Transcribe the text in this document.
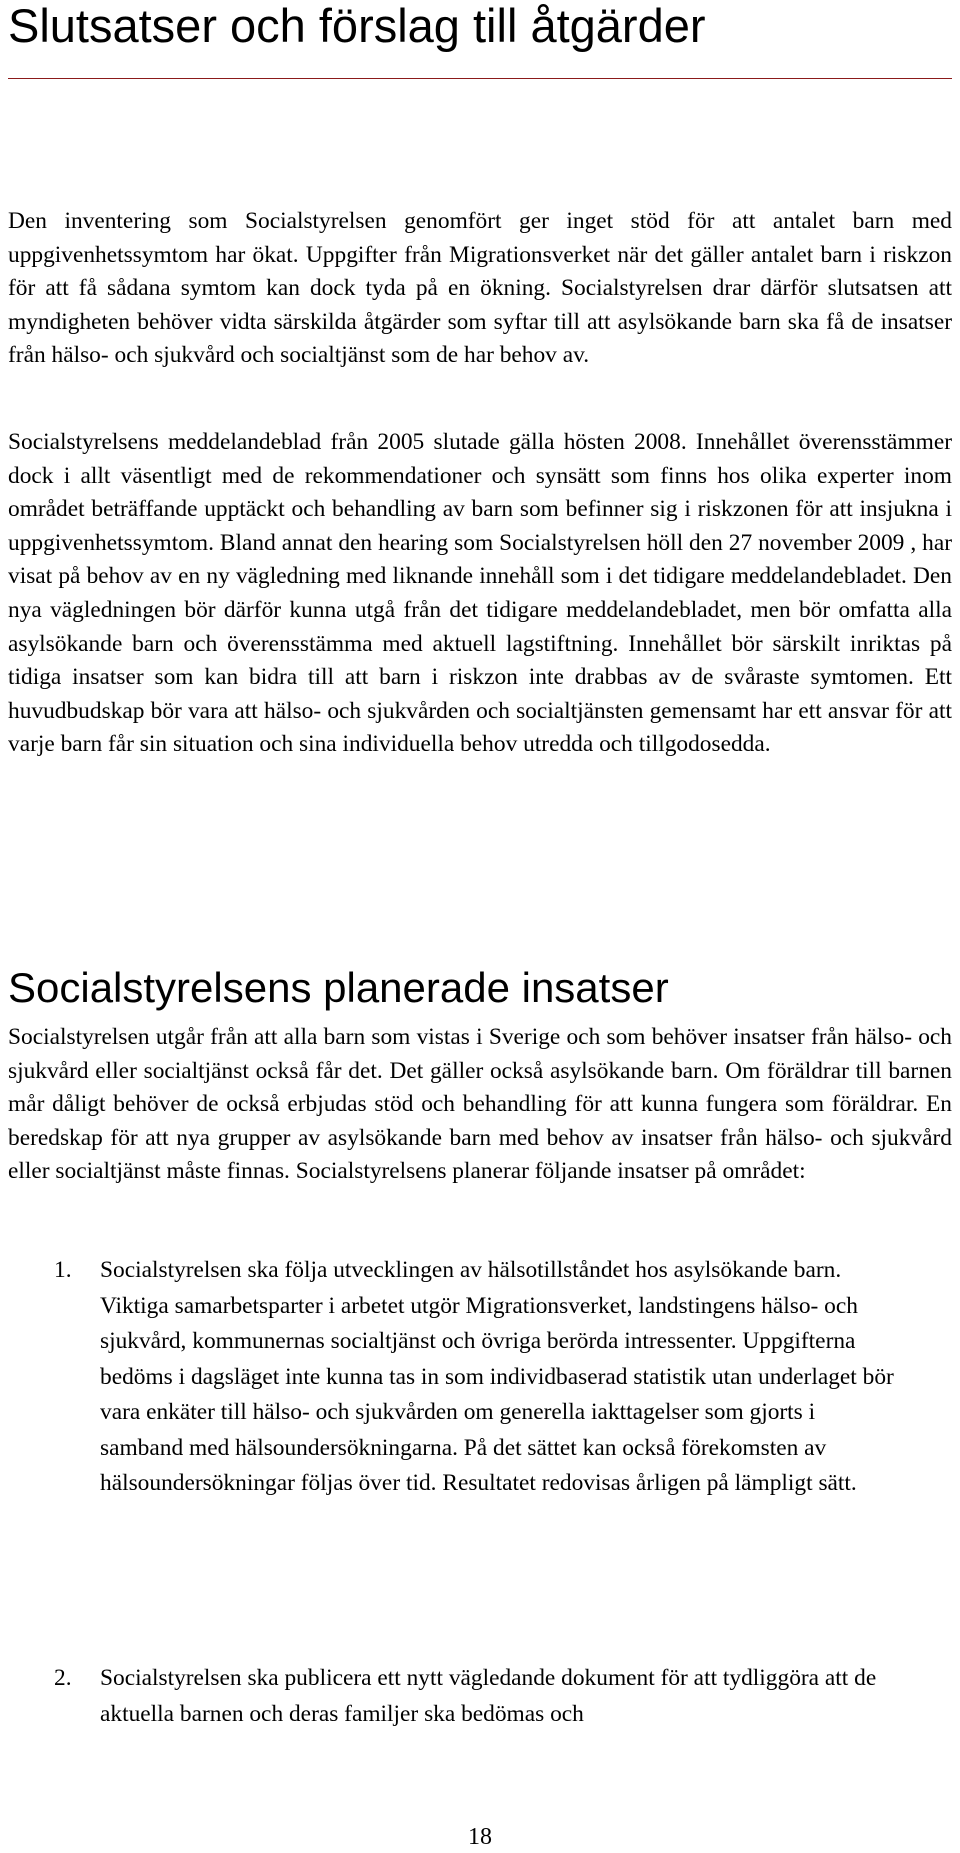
Slutsatser och förslag till åtgärder

Den inventering som Socialstyrelsen genomfört ger inget stöd för att antalet barn med uppgivenhetssymtom har ökat. Uppgifter från Migrationsverket när det gäller antalet barn i riskzon för att få sådana symtom kan dock tyda på en ökning. Socialstyrelsen drar därför slutsatsen att myndigheten behöver vidta särskilda åtgärder som syftar till att asylsökande barn ska få de insatser från hälso- och sjukvård och socialtjänst som de har behov av.

Socialstyrelsens meddelandeblad från 2005 slutade gälla hösten 2008. Innehållet överensstämmer dock i allt väsentligt med de rekommendationer och synsätt som finns hos olika experter inom området beträffande upptäckt och behandling av barn som befinner sig i riskzonen för att insjukna i uppgivenhetssymtom. Bland annat den hearing som Socialstyrelsen höll den 27 november 2009 , har visat på behov av en ny vägledning med liknande innehåll som i det tidigare meddelandebladet. Den nya vägledningen bör därför kunna utgå från det tidigare meddelandebladet, men bör omfatta alla asylsökande barn och överensstämma med aktuell lagstiftning. Innehållet bör särskilt inriktas på tidiga insatser som kan bidra till att barn i riskzon inte drabbas av de svåraste symtomen. Ett huvudbudskap bör vara att hälso- och sjukvården och socialtjänsten gemensamt har ett ansvar för att varje barn får sin situation och sina individuella behov utredda och tillgodosedda.

Socialstyrelsens planerade insatser

Socialstyrelsen utgår från att alla barn som vistas i Sverige och som behöver insatser från hälso- och sjukvård eller socialtjänst också får det. Det gäller också asylsökande barn. Om föräldrar till barnen mår dåligt behöver de också erbjudas stöd och behandling för att kunna fungera som föräldrar. En beredskap för att nya grupper av asylsökande barn med behov av insatser från hälso- och sjukvård eller socialtjänst måste finnas. Socialstyrelsens planerar följande insatser på området:

1.	Socialstyrelsen ska följa utvecklingen av hälsotillståndet hos asylsökande barn. Viktiga samarbetsparter i arbetet utgör Migrationsverket, landstingens hälso- och sjukvård, kommunernas socialtjänst och övriga berörda intressenter. Uppgifterna bedöms i dagsläget inte kunna tas in som individbaserad statistik utan underlaget bör vara enkäter till hälso- och sjukvården om generella iakttagelser som gjorts i samband med hälsoundersökningarna. På det sättet kan också förekomsten av hälsoundersökningar följas över tid. Resultatet redovisas årligen på lämpligt sätt.
2.	Socialstyrelsen ska publicera ett nytt vägledande dokument för att tydliggöra att de aktuella barnen och deras familjer ska bedömas och
18
